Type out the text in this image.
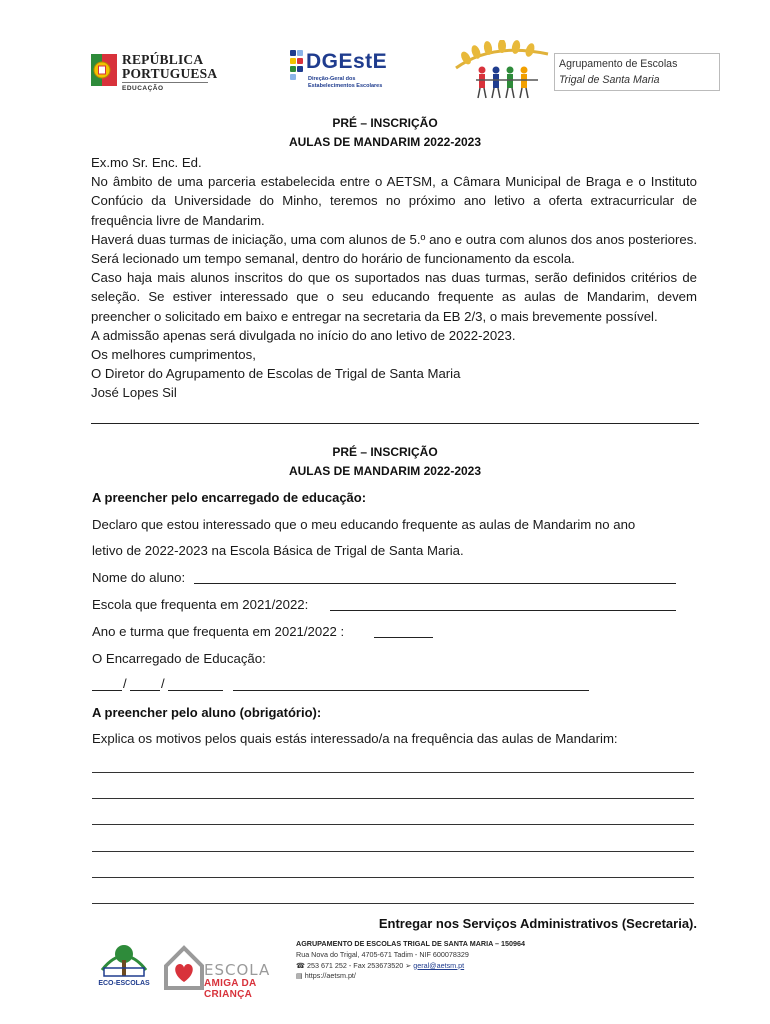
REPÚBLICA
PORTUGUESA
EDUCAÇÃO
DGEstE
Direção-Geral dos
Estabelecimentos Escolares
Agrupamento de Escolas
Trigal de Santa Maria
PRÉ – INSCRIÇÃO
AULAS DE MANDARIM 2022-2023

Ex.mo Sr. Enc. Ed.

No âmbito de uma parceria estabelecida entre o AETSM, a Câmara Municipal de Braga e o Instituto Confúcio da Universidade do Minho, teremos no próximo ano letivo a oferta extracurricular de frequência livre de Mandarim.

Haverá duas turmas de iniciação, uma com alunos de 5.º ano e outra com alunos dos anos posteriores. Será lecionado um tempo semanal, dentro do horário de funcionamento da escola.

Caso haja mais alunos inscritos do que os suportados nas duas turmas, serão definidos critérios de seleção. Se estiver interessado que o seu educando frequente as aulas de Mandarim, devem preencher o solicitado em baixo e entregar na secretaria da EB 2/3, o mais brevemente possível.

A admissão apenas será divulgada no início do ano letivo de 2022-2023.

Os melhores cumprimentos,

O Diretor do Agrupamento de Escolas de Trigal de Santa Maria

José Lopes Sil

PRÉ – INSCRIÇÃO
AULAS DE MANDARIM 2022-2023
A preencher pelo encarregado de educação:
Declaro que estou interessado que o meu educando frequente as aulas de Mandarim no ano
letivo de 2022-2023 na Escola Básica de Trigal de Santa Maria.
Nome do aluno:
Escola que frequenta em 2021/2022:
Ano e turma que frequenta em 2021/2022 :
O Encarregado de Educação:
/	/
A preencher pelo aluno (obrigatório):
Explica os motivos pelos quais estás interessado/a na frequência das aulas de Mandarim:
Entregar nos Serviços Administrativos (Secretaria).
ECO-ESCOLAS
ESCOLA
AMIGA DA CRIANÇA
AGRUPAMENTO DE ESCOLAS TRIGAL DE SANTA MARIA – 150964
Rua Nova do Trigal, 4705-671 Tadim - NIF 600078329
☎ 253 671 252 - Fax 253673520 ➢ geral@aetsm.pt
▤ https://aetsm.pt/
